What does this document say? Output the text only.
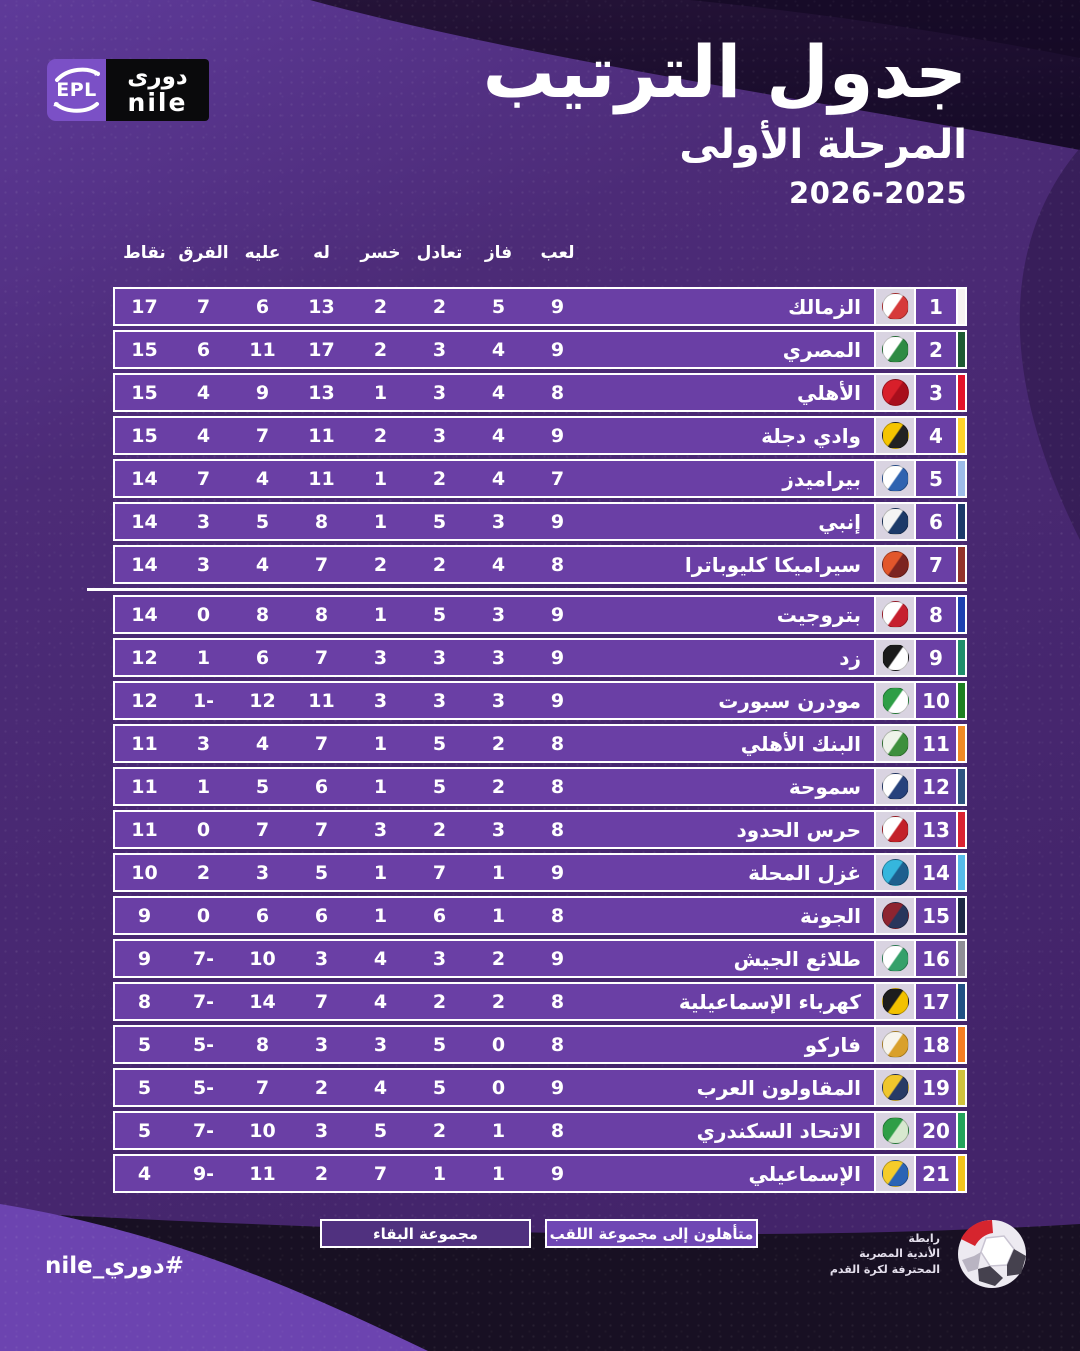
EPL
دورى
nile	جدول الترتيب
المرحلة الأولى
2026-2025
لعب
فاز
تعادل
خسر
له
عليه
الفرق
نقاط
1
الزمالك
9
5
2
2
13
6
7
17
2
المصري
9
4
3
2
17
11
6
15
3
الأهلي
8
4
3
1
13
9
4
15
4
وادي دجلة
9
4
3
2
11
7
4
15
5
بيراميدز
7
4
2
1
11
4
7
14
6
إنبي
9
3
5
1
8
5
3
14
7
سيراميكا كليوباترا
8
4
2
2
7
4
3
14
8
بتروجيت
9
3
5
1
8
8
0
14
9
زد
9
3
3
3
7
6
1
12
10
مودرن سبورت
9
3
3
3
11
12
-1
12
11
البنك الأهلي
8
2
5
1
7
4
3
11
12
سموحة
8
2
5
1
6
5
1
11
13
حرس الحدود
8
3
2
3
7
7
0
11
14
غزل المحلة
9
1
7
1
5
3
2
10
15
الجونة
8
1
6
1
6
6
0
9
16
طلائع الجيش
9
2
3
4
3
10
-7
9
17
كهرباء الإسماعيلية
8
2
2
4
7
14
-7
8
18
فاركو
8
0
5
3
3
8
-5
5
19
المقاولون العرب
9
0
5
4
2
7
-5
5
20
الاتحاد السكندري
8
1
2
5
3
10
-7
5
21
الإسماعيلي
9
1
1
7
2
11
-9
4
متأهلون إلى مجموعة اللقب
مجموعة البقاء
#دوري_nile
رابطة
الأندية المصرية
المحترفة لكرة القدم
